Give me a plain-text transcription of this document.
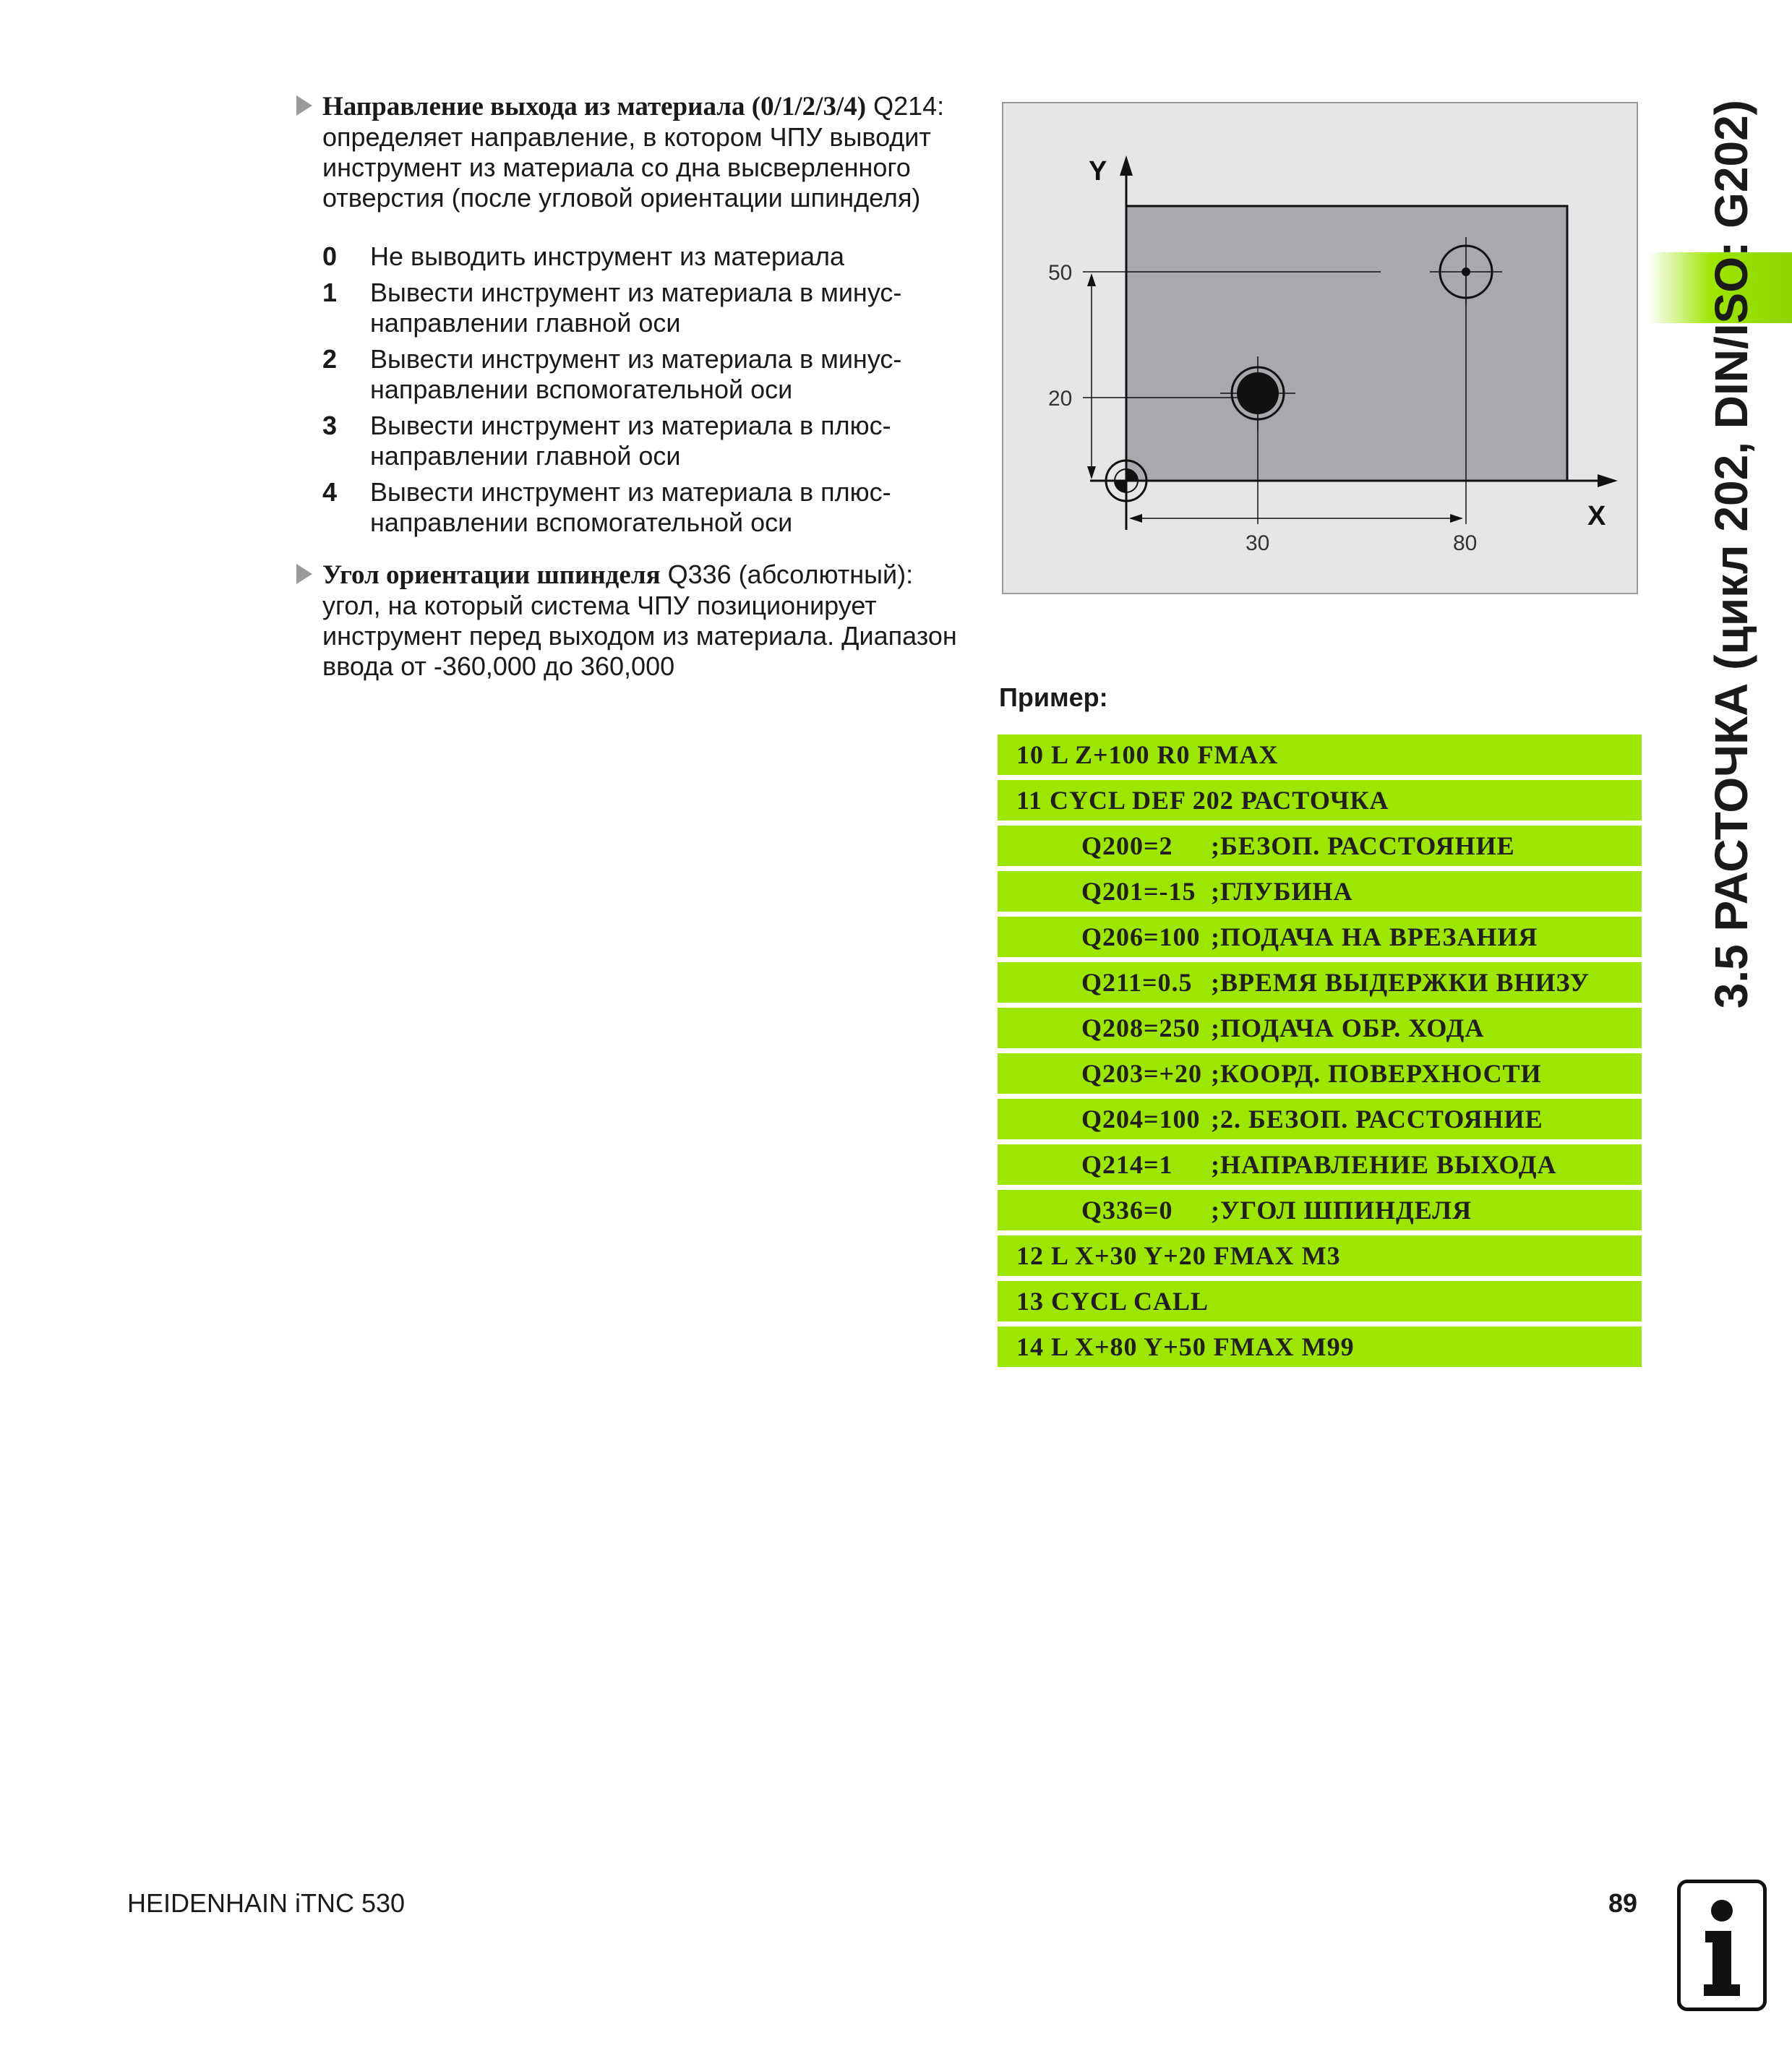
Направление выхода из материала (0/1/2/3/4) Q214: определяет направление, в котором ЧПУ выводит инструмент из материала со дна высверленного отверстия (после угловой ориентации шпинделя)
0 Не выводить инструмент из материала
1 Вывести инструмент из материала в минус-направлении главной оси
2 Вывести инструмент из материала в минус-направлении вспомогательной оси
3 Вывести инструмент из материала в плюс-направлении главной оси
4 Вывести инструмент из материала в плюс-направлении вспомогательной оси
Угол ориентации шпинделя Q336 (абсолютный): угол, на который система ЧПУ позиционирует инструмент перед выходом из материала. Диапазон ввода от -360,000 до 360,000
Y
X
50
20
30	80
Пример:
10 L Z+100 R0 FMAX
11 CYCL DEF 202 РАСТОЧКА
Q200=2 ;БЕЗОП. РАССТОЯНИЕ
Q201=-15 ;ГЛУБИНА
Q206=100 ;ПОДАЧА НА ВРЕЗАНИЯ
Q211=0.5 ;ВРЕМЯ ВЫДЕРЖКИ ВНИЗУ
Q208=250 ;ПОДАЧА ОБР. ХОДА
Q203=+20 ;КООРД. ПОВЕРХНОСТИ
Q204=100 ;2. БЕЗОП. РАССТОЯНИЕ
Q214=1 ;НАПРАВЛЕНИЕ ВЫХОДА
Q336=0 ;УГОЛ ШПИНДЕЛЯ
12 L X+30 Y+20 FMAX M3
13 CYCL CALL
14 L X+80 Y+50 FMAX M99
3.5 РАСТОЧКА (цикл 202, DIN/ISO: G202)
HEIDENHAIN iTNC 530	89
